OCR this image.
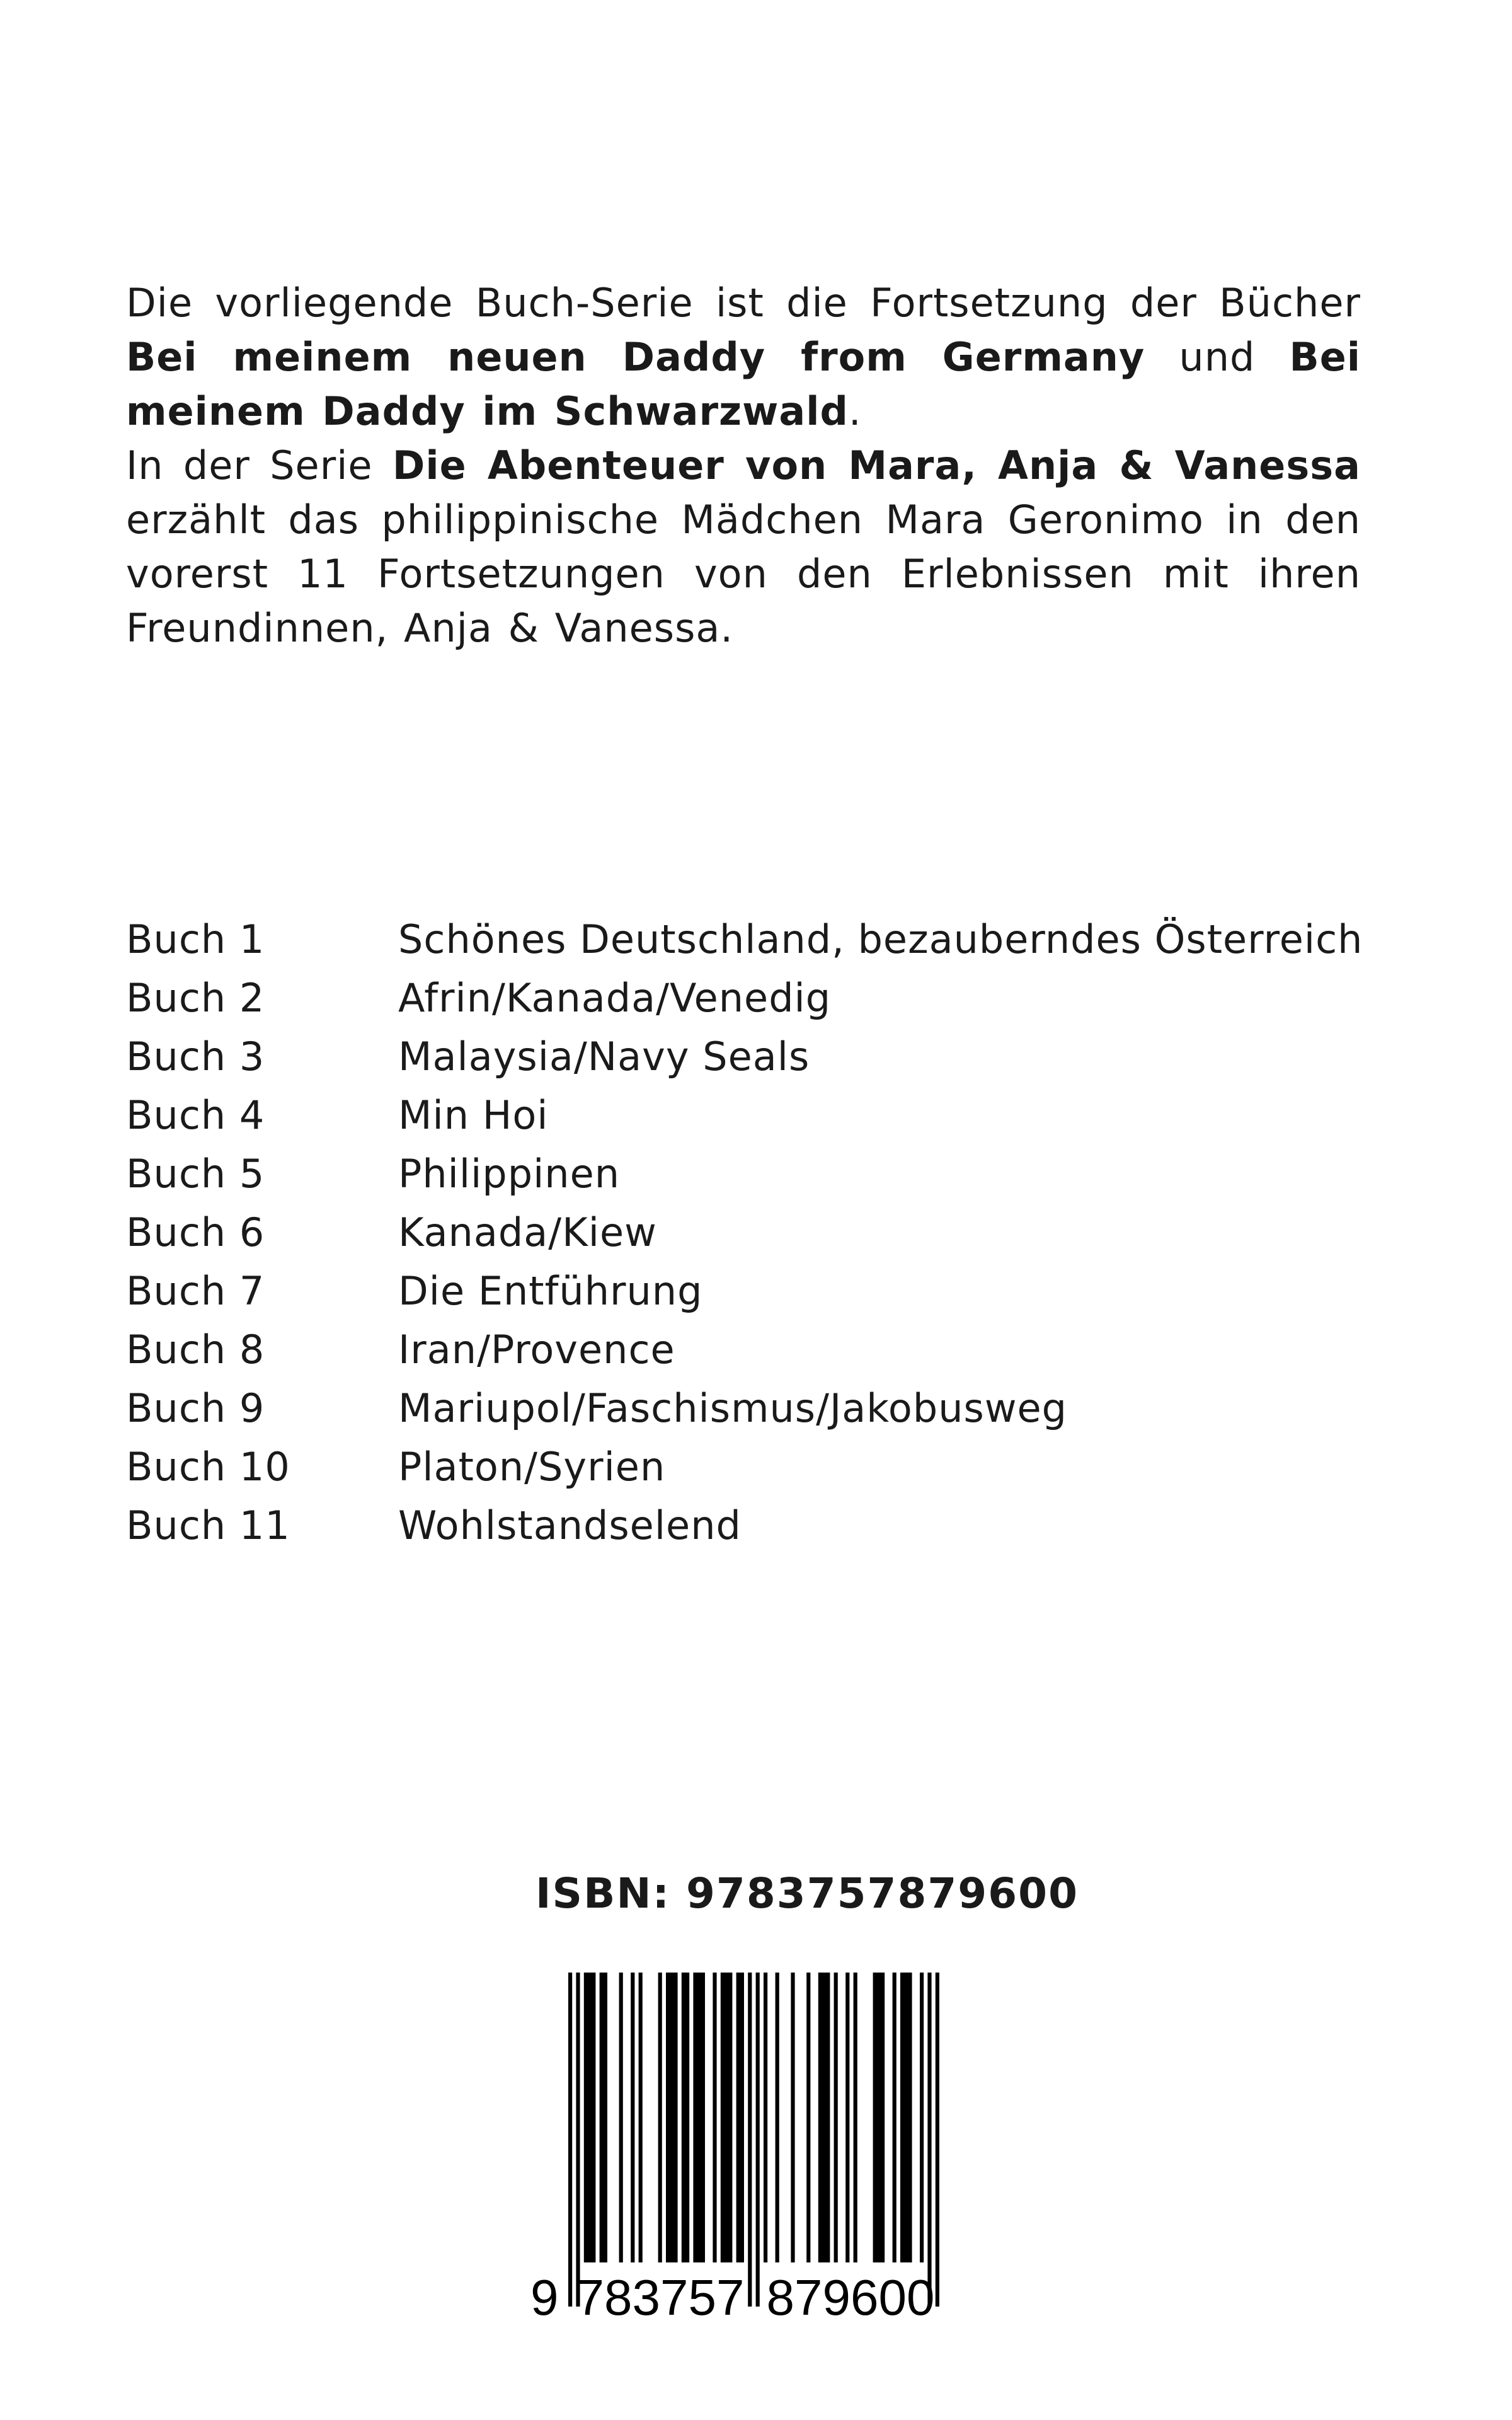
Die vorliegende Buch-Serie ist die Fortsetzung der Bücher Bei meinem neuen Daddy from Germany und Bei meinem Daddy im Schwarzwald.

In der Serie Die Abenteuer von Mara, Anja & Vanessa erzählt das philippinische Mädchen Mara Geronimo in den vorerst 11 Fortsetzungen von den Erlebnissen mit ihren Freundinnen, Anja & Vanessa.

Buch 1	Schönes Deutschland, bezauberndes Österreich
Buch 2	Afrin/Kanada/Venedig
Buch 3	Malaysia/Navy Seals
Buch 4	Min Hoi
Buch 5	Philippinen
Buch 6	Kanada/Kiew
Buch 7	Die Entführung
Buch 8	Iran/Provence
Buch 9	Mariupol/Faschismus/Jakobusweg
Buch 10	Platon/Syrien
Buch 11	Wohlstandselend
ISBN: 9783757879600
9 783757 879600
